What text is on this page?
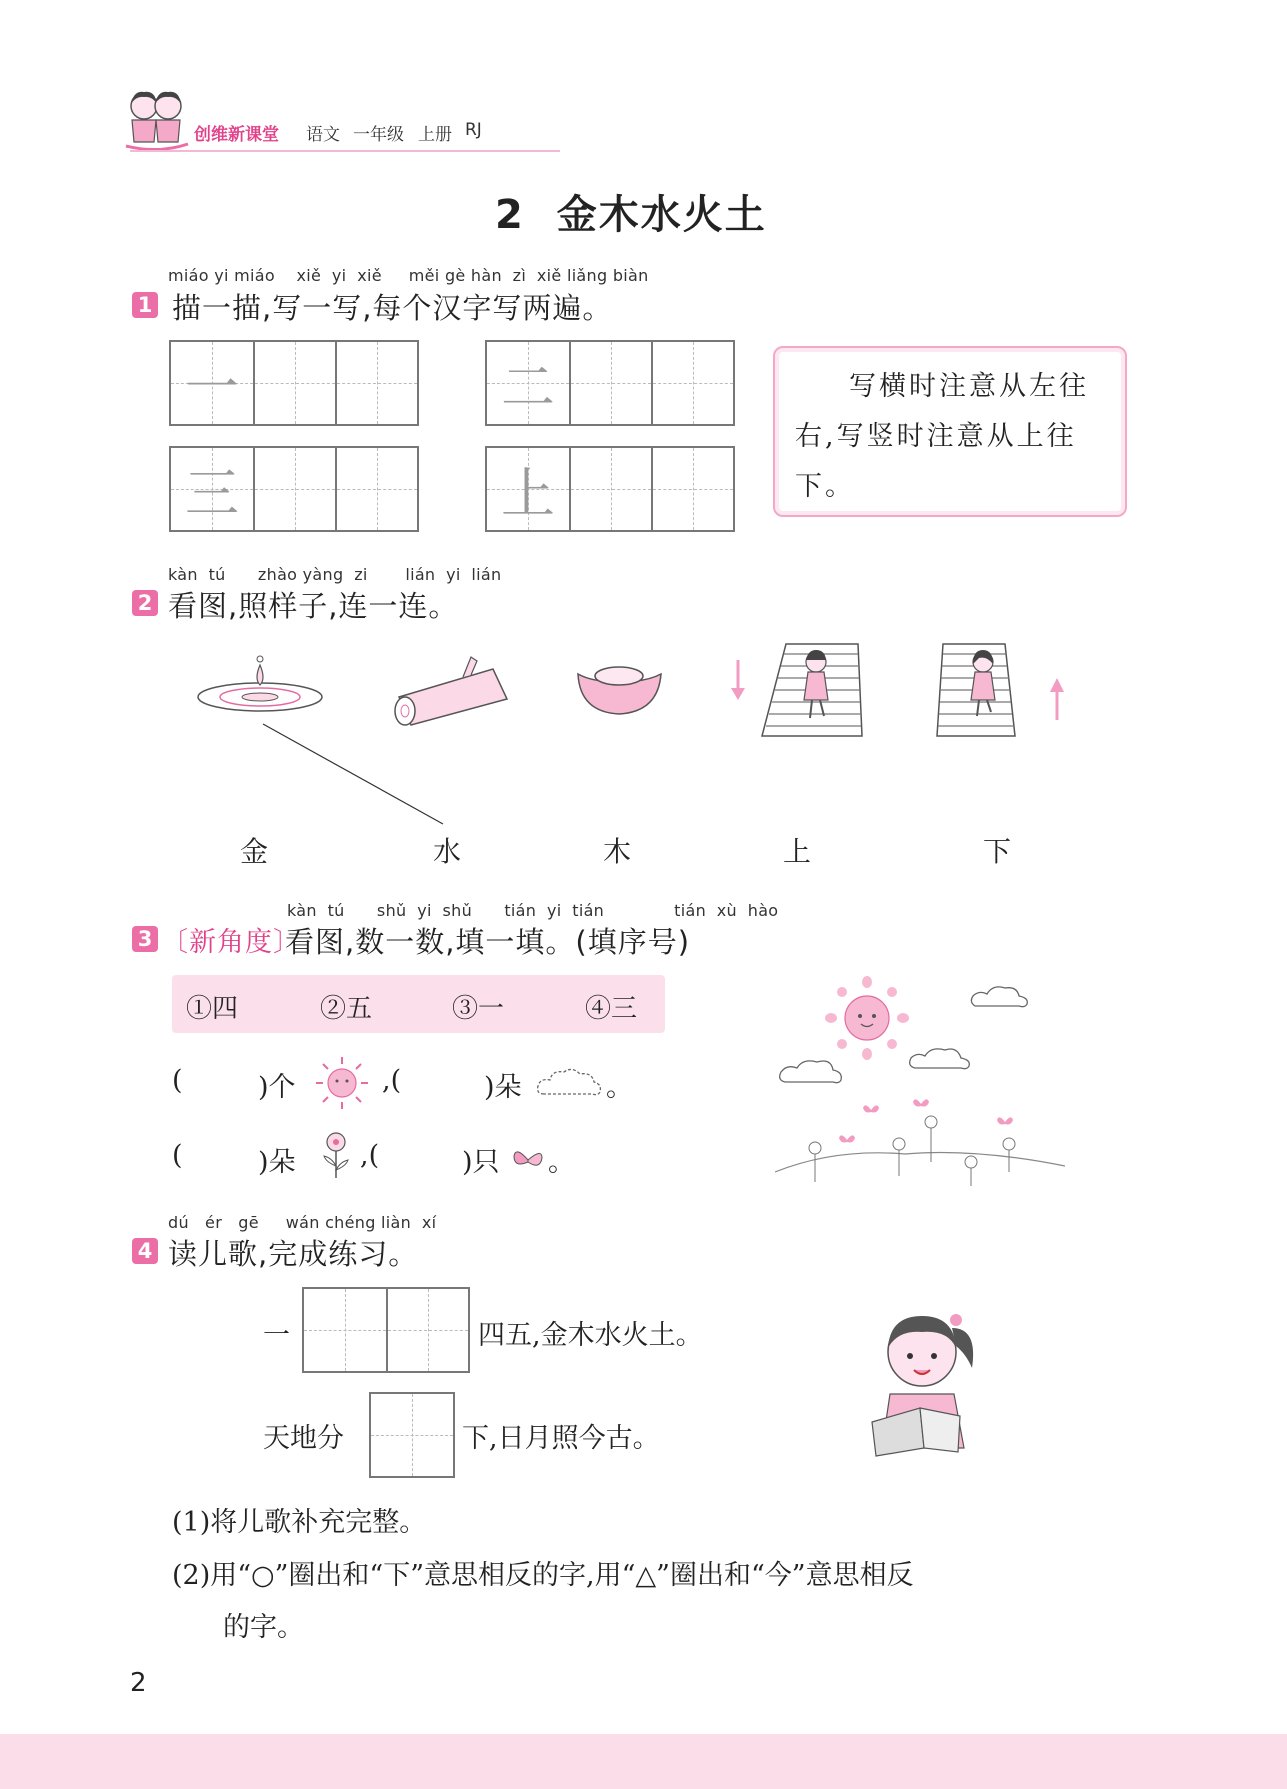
创维新课堂 语文 一年级 上册 RJ
2 金木水火土
miáo yi miáo    xiě  yi  xiě     měi gè hàn  zì  xiě liǎng biàn
1 描一描,写一写,每个汉字写两遍。
一	二
三	上
写横时注意从左往右,写竖时注意从上往下。
kàn  tú      zhào yàng  zi       lián  yi  lián
2 看图,照样子,连一连。
金	水	木	上	下
kàn  tú      shǔ  yi  shǔ      tián  yi  tián             tián  xù  hào
3 〔新角度〕
看图,数一数,填一填。(填序号)
①四	②五	③一	④三
(	)个	,(	)朵	。
(	)朵 ,(	)只 。
dú   ér   gē     wán chéng liàn  xí
4 读儿歌,完成练习。
一	四五,金木水火土。
天地分	下,日月照今古。
(1)将儿歌补充完整。
(2)用“○”圈出和“下”意思相反的字,用“△”圈出和“今”意思相反
的字。
2
